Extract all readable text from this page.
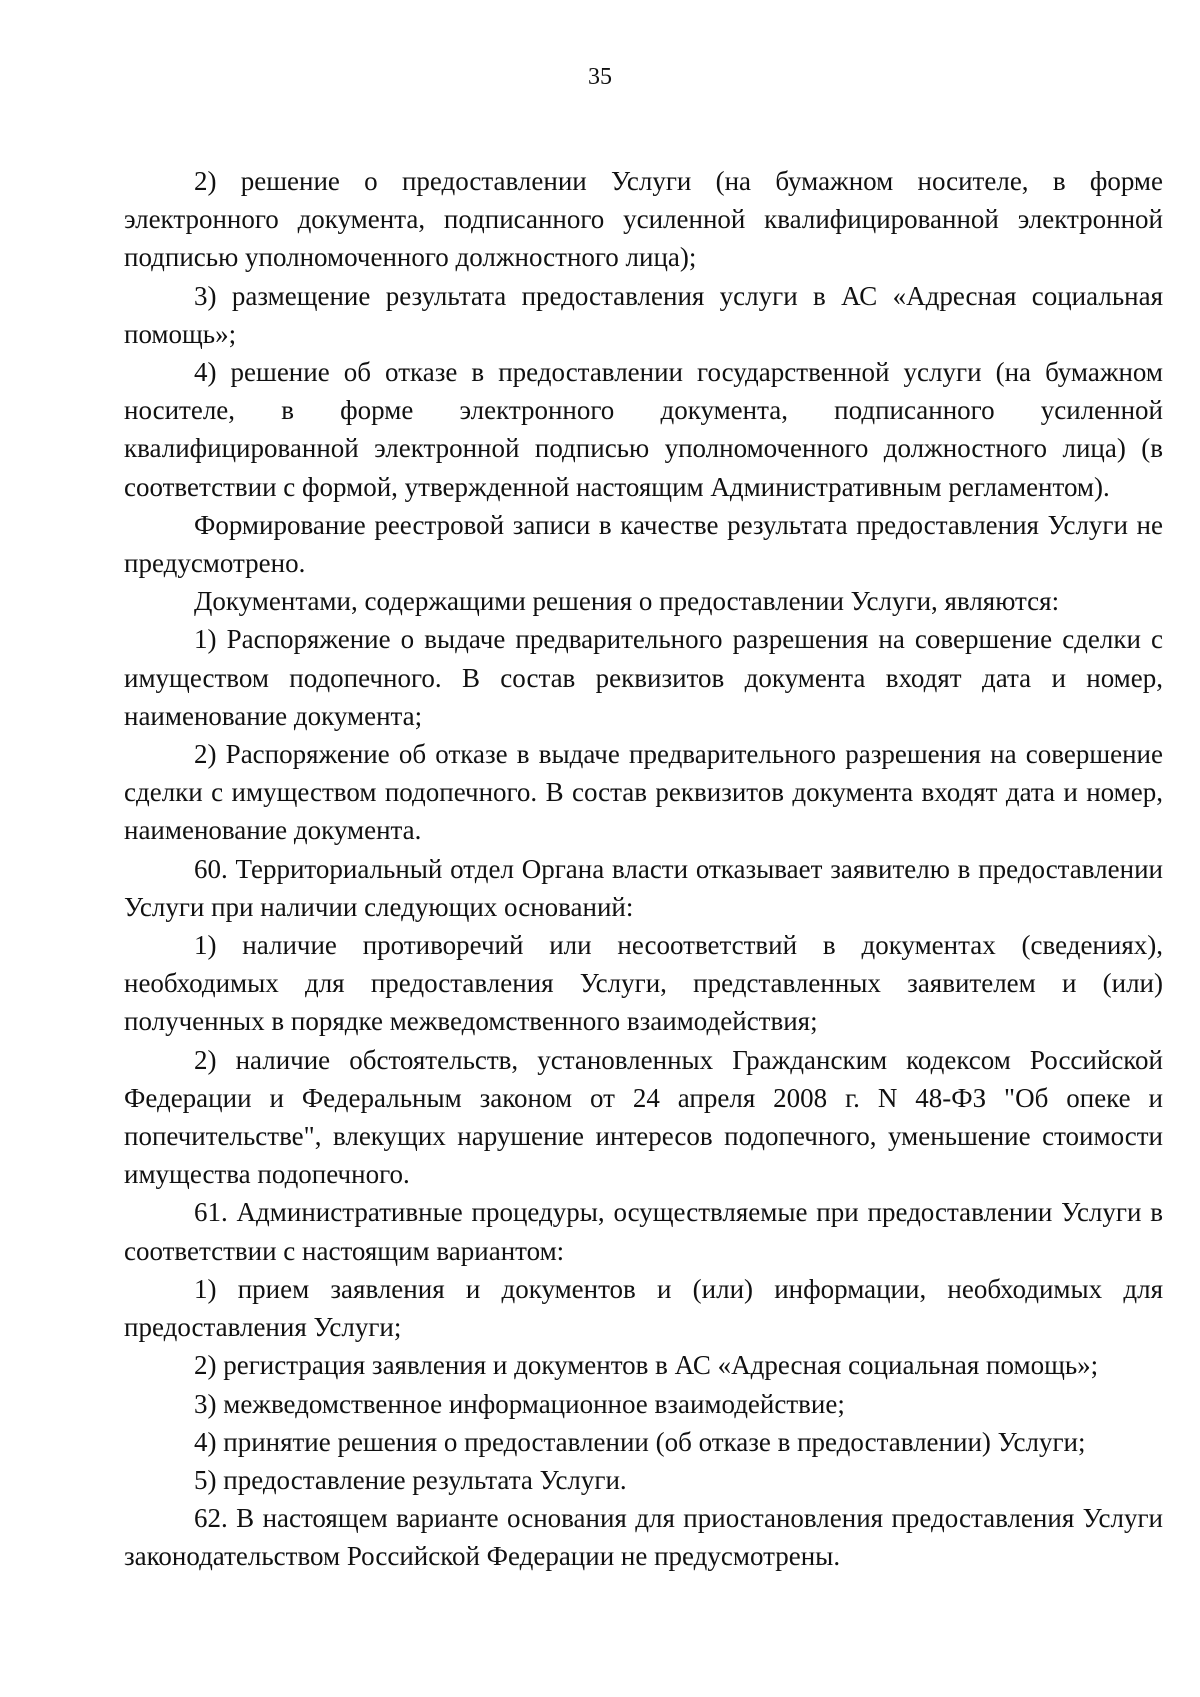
35

2) решение о предоставлении Услуги (на бумажном носителе, в форме электронного документа, подписанного усиленной квалифицированной электронной подписью уполномоченного должностного лица);

3) размещение результата предоставления услуги в АС «Адресная социальная помощь»;

4) решение об отказе в предоставлении государственной услуги (на бумажном носителе, в форме электронного документа, подписанного усиленной квалифицированной электронной подписью уполномоченного должностного лица) (в соответствии с формой, утвержденной настоящим Административным регламентом).

Формирование реестровой записи в качестве результата предоставления Услуги не предусмотрено.

Документами, содержащими решения о предоставлении Услуги, являются:

1) Распоряжение о выдаче предварительного разрешения на совершение сделки с имуществом подопечного. В состав реквизитов документа входят дата и номер, наименование документа;

2) Распоряжение об отказе в выдаче предварительного разрешения на совершение сделки с имуществом подопечного. В состав реквизитов документа входят дата и номер, наименование документа.

60. Территориальный отдел Органа власти отказывает заявителю в предоставлении Услуги при наличии следующих оснований:

1) наличие противоречий или несоответствий в документах (сведениях), необходимых для предоставления Услуги, представленных заявителем и (или) полученных в порядке межведомственного взаимодействия;

2) наличие обстоятельств, установленных Гражданским кодексом Российской Федерации и Федеральным законом от 24 апреля 2008 г. N 48-ФЗ "Об опеке и попечительстве", влекущих нарушение интересов подопечного, уменьшение стоимости имущества подопечного.

61. Административные процедуры, осуществляемые при предоставлении Услуги в соответствии с настоящим вариантом:

1) прием заявления и документов и (или) информации, необходимых для предоставления Услуги;

2) регистрация заявления и документов в АС «Адресная социальная помощь»;

3) межведомственное информационное взаимодействие;

4) принятие решения о предоставлении (об отказе в предоставлении) Услуги;

5) предоставление результата Услуги.

62. В настоящем варианте основания для приостановления предоставления Услуги законодательством Российской Федерации не предусмотрены.
